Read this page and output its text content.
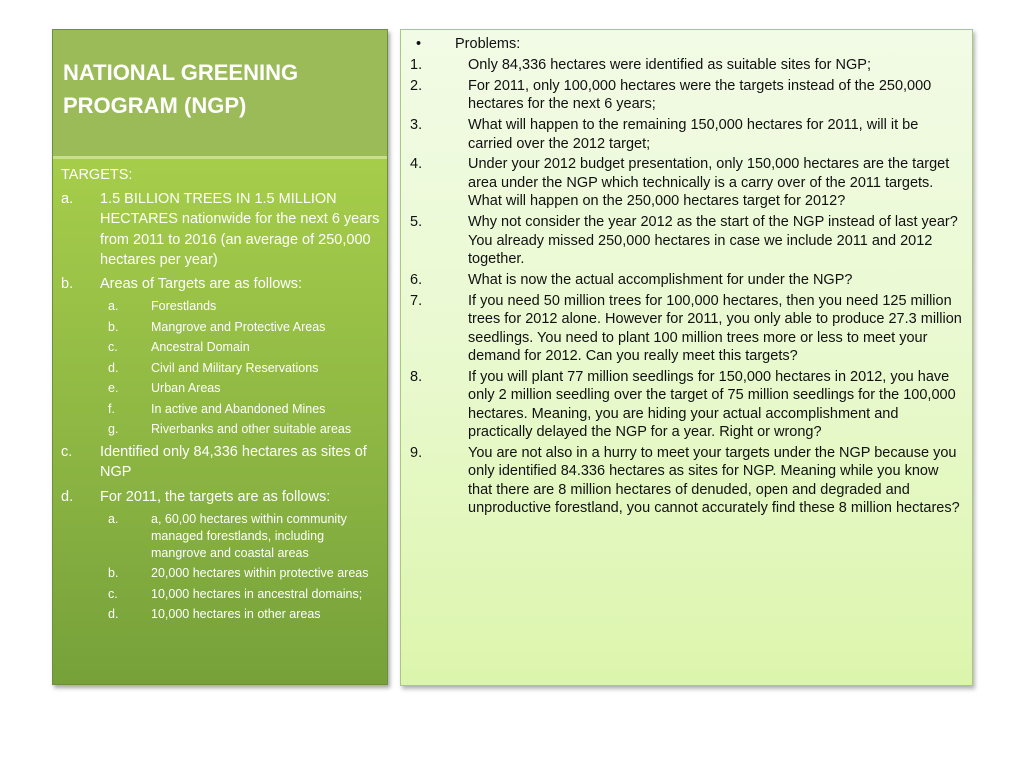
NATIONAL GREENING PROGRAM (NGP)
TARGETS:
a.	1.5 BILLION TREES IN 1.5 MILLION HECTARES nationwide for the next 6 years from 2011 to 2016 (an average of 250,000 hectares per year)
b.	Areas of Targets are as follows:
a.	Forestlands
b.	Mangrove and Protective Areas
c.	Ancestral Domain
d.	Civil and Military Reservations
e.	Urban Areas
f.	In active and Abandoned Mines
g.	Riverbanks and other suitable areas
c.	Identified only 84,336 hectares as sites of NGP
d.	For 2011, the targets are as follows:
a.	a, 60,00 hectares within community managed forestlands, including mangrove and coastal areas
b.	20,000 hectares within protective areas
c.	10,000 hectares in ancestral domains;
d.	10,000 hectares in other areas
•	Problems:
1.	Only 84,336 hectares were identified as suitable sites for NGP;
2.	For 2011, only 100,000 hectares were the targets instead of the 250,000 hectares for the next 6 years;
3.	What will happen to the remaining 150,000 hectares for 2011, will it be carried over the 2012 target;
4.	Under your 2012 budget presentation, only 150,000 hectares are the target area under the NGP which technically is a carry over of the 2011 targets. What will happen on the 250,000 hectares target for 2012?
5.	Why not consider the year 2012 as the start of the NGP instead of last year? You already missed 250,000 hectares in case we include 2011 and 2012 together.
6.	What is now the actual accomplishment for under the NGP?
7.	If you need 50 million trees for 100,000 hectares, then you need 125 million trees for 2012 alone. However for 2011, you only able to produce 27.3 million seedlings. You need to plant 100 million trees more or less to meet your demand for 2012. Can you really meet this targets?
8.	If you will plant 77 million seedlings for 150,000 hectares in 2012, you have only 2 million seedling over the target of 75 million seedlings for the 100,000 hectares. Meaning, you are hiding your actual accomplishment and practically delayed the NGP for a year. Right or wrong?
9.	You are not also in a hurry to meet your targets under the NGP because you only identified 84.336 hectares as sites for NGP. Meaning while you know that there are 8 million hectares of denuded, open and degraded and unproductive forestland, you cannot accurately find these 8 million hectares?
